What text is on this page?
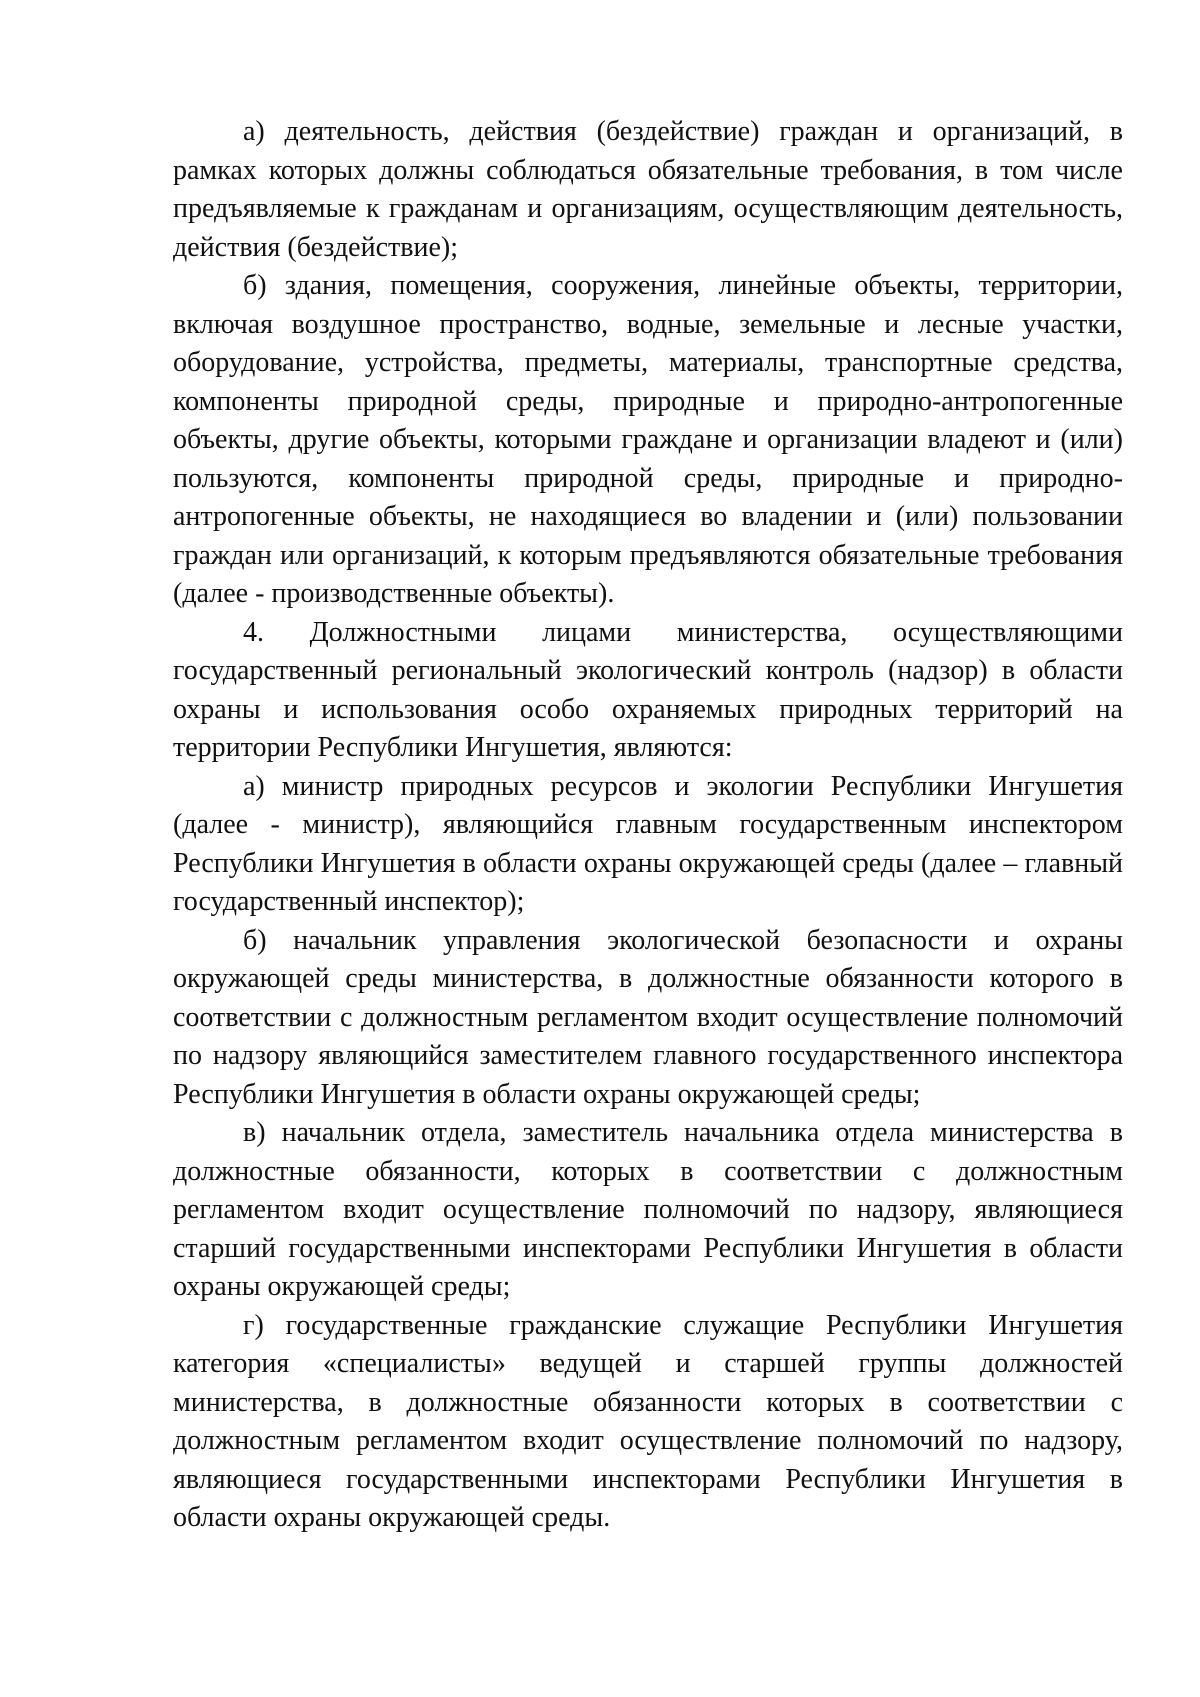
а) деятельность, действия (бездействие) граждан и организаций, в рамках которых должны соблюдаться обязательные требования, в том числе предъявляемые к гражданам и организациям, осуществляющим деятельность, действия (бездействие);

б) здания, помещения, сооружения, линейные объекты, территории, включая воздушное пространство, водные, земельные и лесные участки, оборудование, устройства, предметы, материалы, транспортные средства, компоненты природной среды, природные и природно-антропогенные объекты, другие объекты, которыми граждане и организации владеют и (или) пользуются, компоненты природной среды, природные и природно-антропогенные объекты, не находящиеся во владении и (или) пользовании граждан или организаций, к которым предъявляются обязательные требования (далее - производственные объекты).

4. Должностными лицами министерства, осуществляющими государственный региональный экологический контроль (надзор) в области охраны и использования особо охраняемых природных территорий на территории Республики Ингушетия, являются:

а) министр природных ресурсов и экологии Республики Ингушетия (далее - министр), являющийся главным государственным инспектором Республики Ингушетия в области охраны окружающей среды (далее – главный государственный инспектор);

б) начальник управления экологической безопасности и охраны окружающей среды министерства, в должностные обязанности которого в соответствии с должностным регламентом входит осуществление полномочий по надзору являющийся заместителем главного государственного инспектора Республики Ингушетия в области охраны окружающей среды;

в) начальник отдела, заместитель начальника отдела министерства в должностные обязанности, которых в соответствии с должностным регламентом входит осуществление полномочий по надзору, являющиеся старший государственными инспекторами Республики Ингушетия в области охраны окружающей среды;

г) государственные гражданские служащие Республики Ингушетия категория «специалисты» ведущей и старшей группы должностей министерства, в должностные обязанности которых в соответствии с должностным регламентом входит осуществление полномочий по надзору, являющиеся государственными инспекторами Республики Ингушетия в области охраны окружающей среды.
